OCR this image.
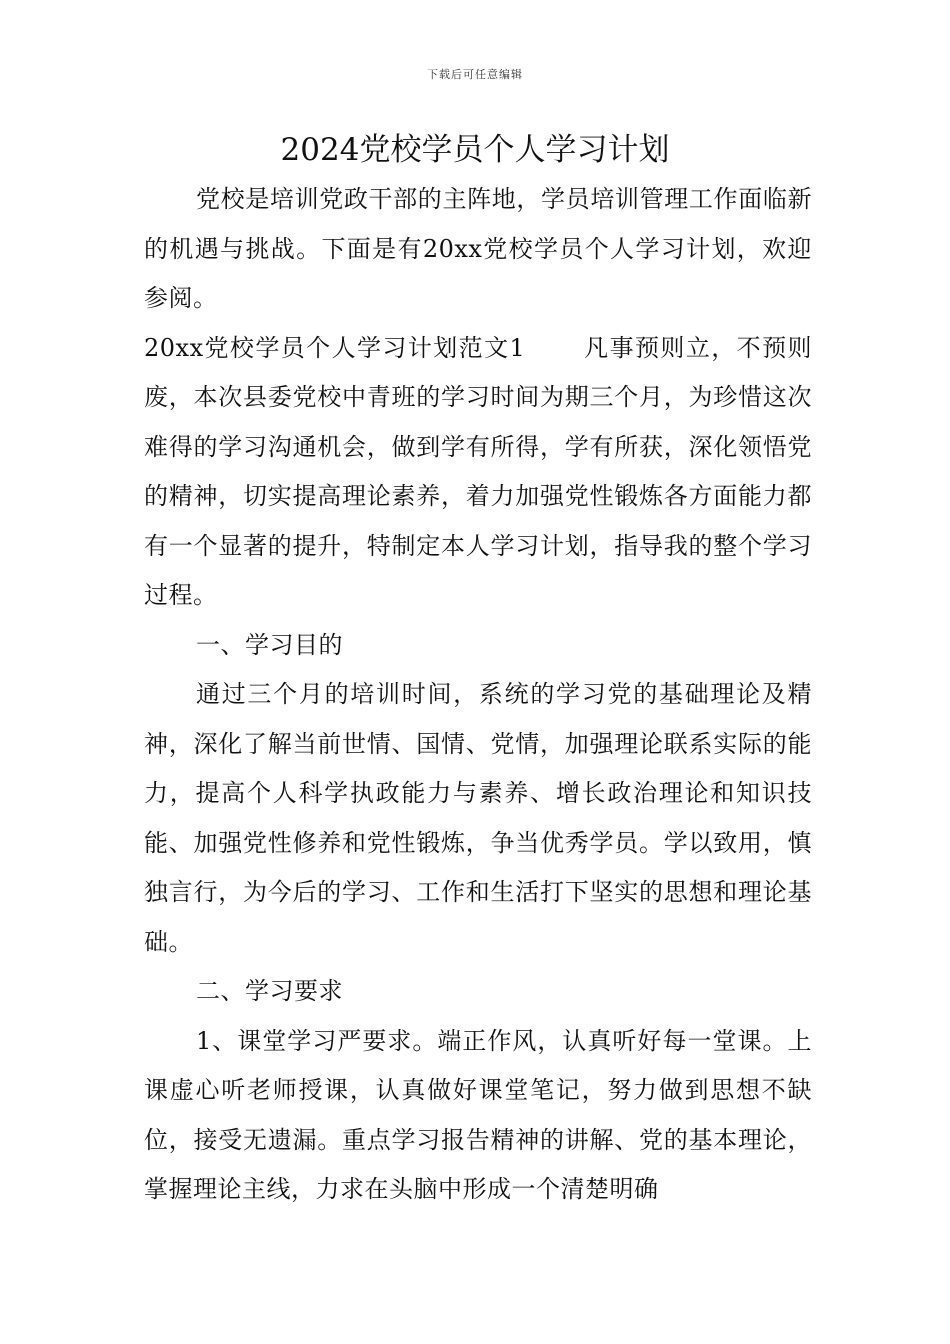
下载后可任意编辑
2024党校学员个人学习计划

党校是培训党政干部的主阵地，学员培训管理工作面临新的机遇与挑战。下面是有20xx党校学员个人学习计划，欢迎参阅。

20xx党校学员个人学习计划范文1 凡事预则立，不预则废，本次县委党校中青班的学习时间为期三个月，为珍惜这次难得的学习沟通机会，做到学有所得，学有所获，深化领悟党的精神，切实提高理论素养，着力加强党性锻炼各方面能力都有一个显著的提升，特制定本人学习计划，指导我的整个学习过程。

一、学习目的

通过三个月的培训时间，系统的学习党的基础理论及精神，深化了解当前世情、国情、党情，加强理论联系实际的能力，提高个人科学执政能力与素养、增长政治理论和知识技能、加强党性修养和党性锻炼，争当优秀学员。学以致用，慎独言行，为今后的学习、工作和生活打下坚实的思想和理论基础。

二、学习要求

1、课堂学习严要求。端正作风，认真听好每一堂课。上课虚心听老师授课，认真做好课堂笔记，努力做到思想不缺位，接受无遗漏。重点学习报告精神的讲解、党的基本理论，掌握理论主线，力求在头脑中形成一个清楚明确
